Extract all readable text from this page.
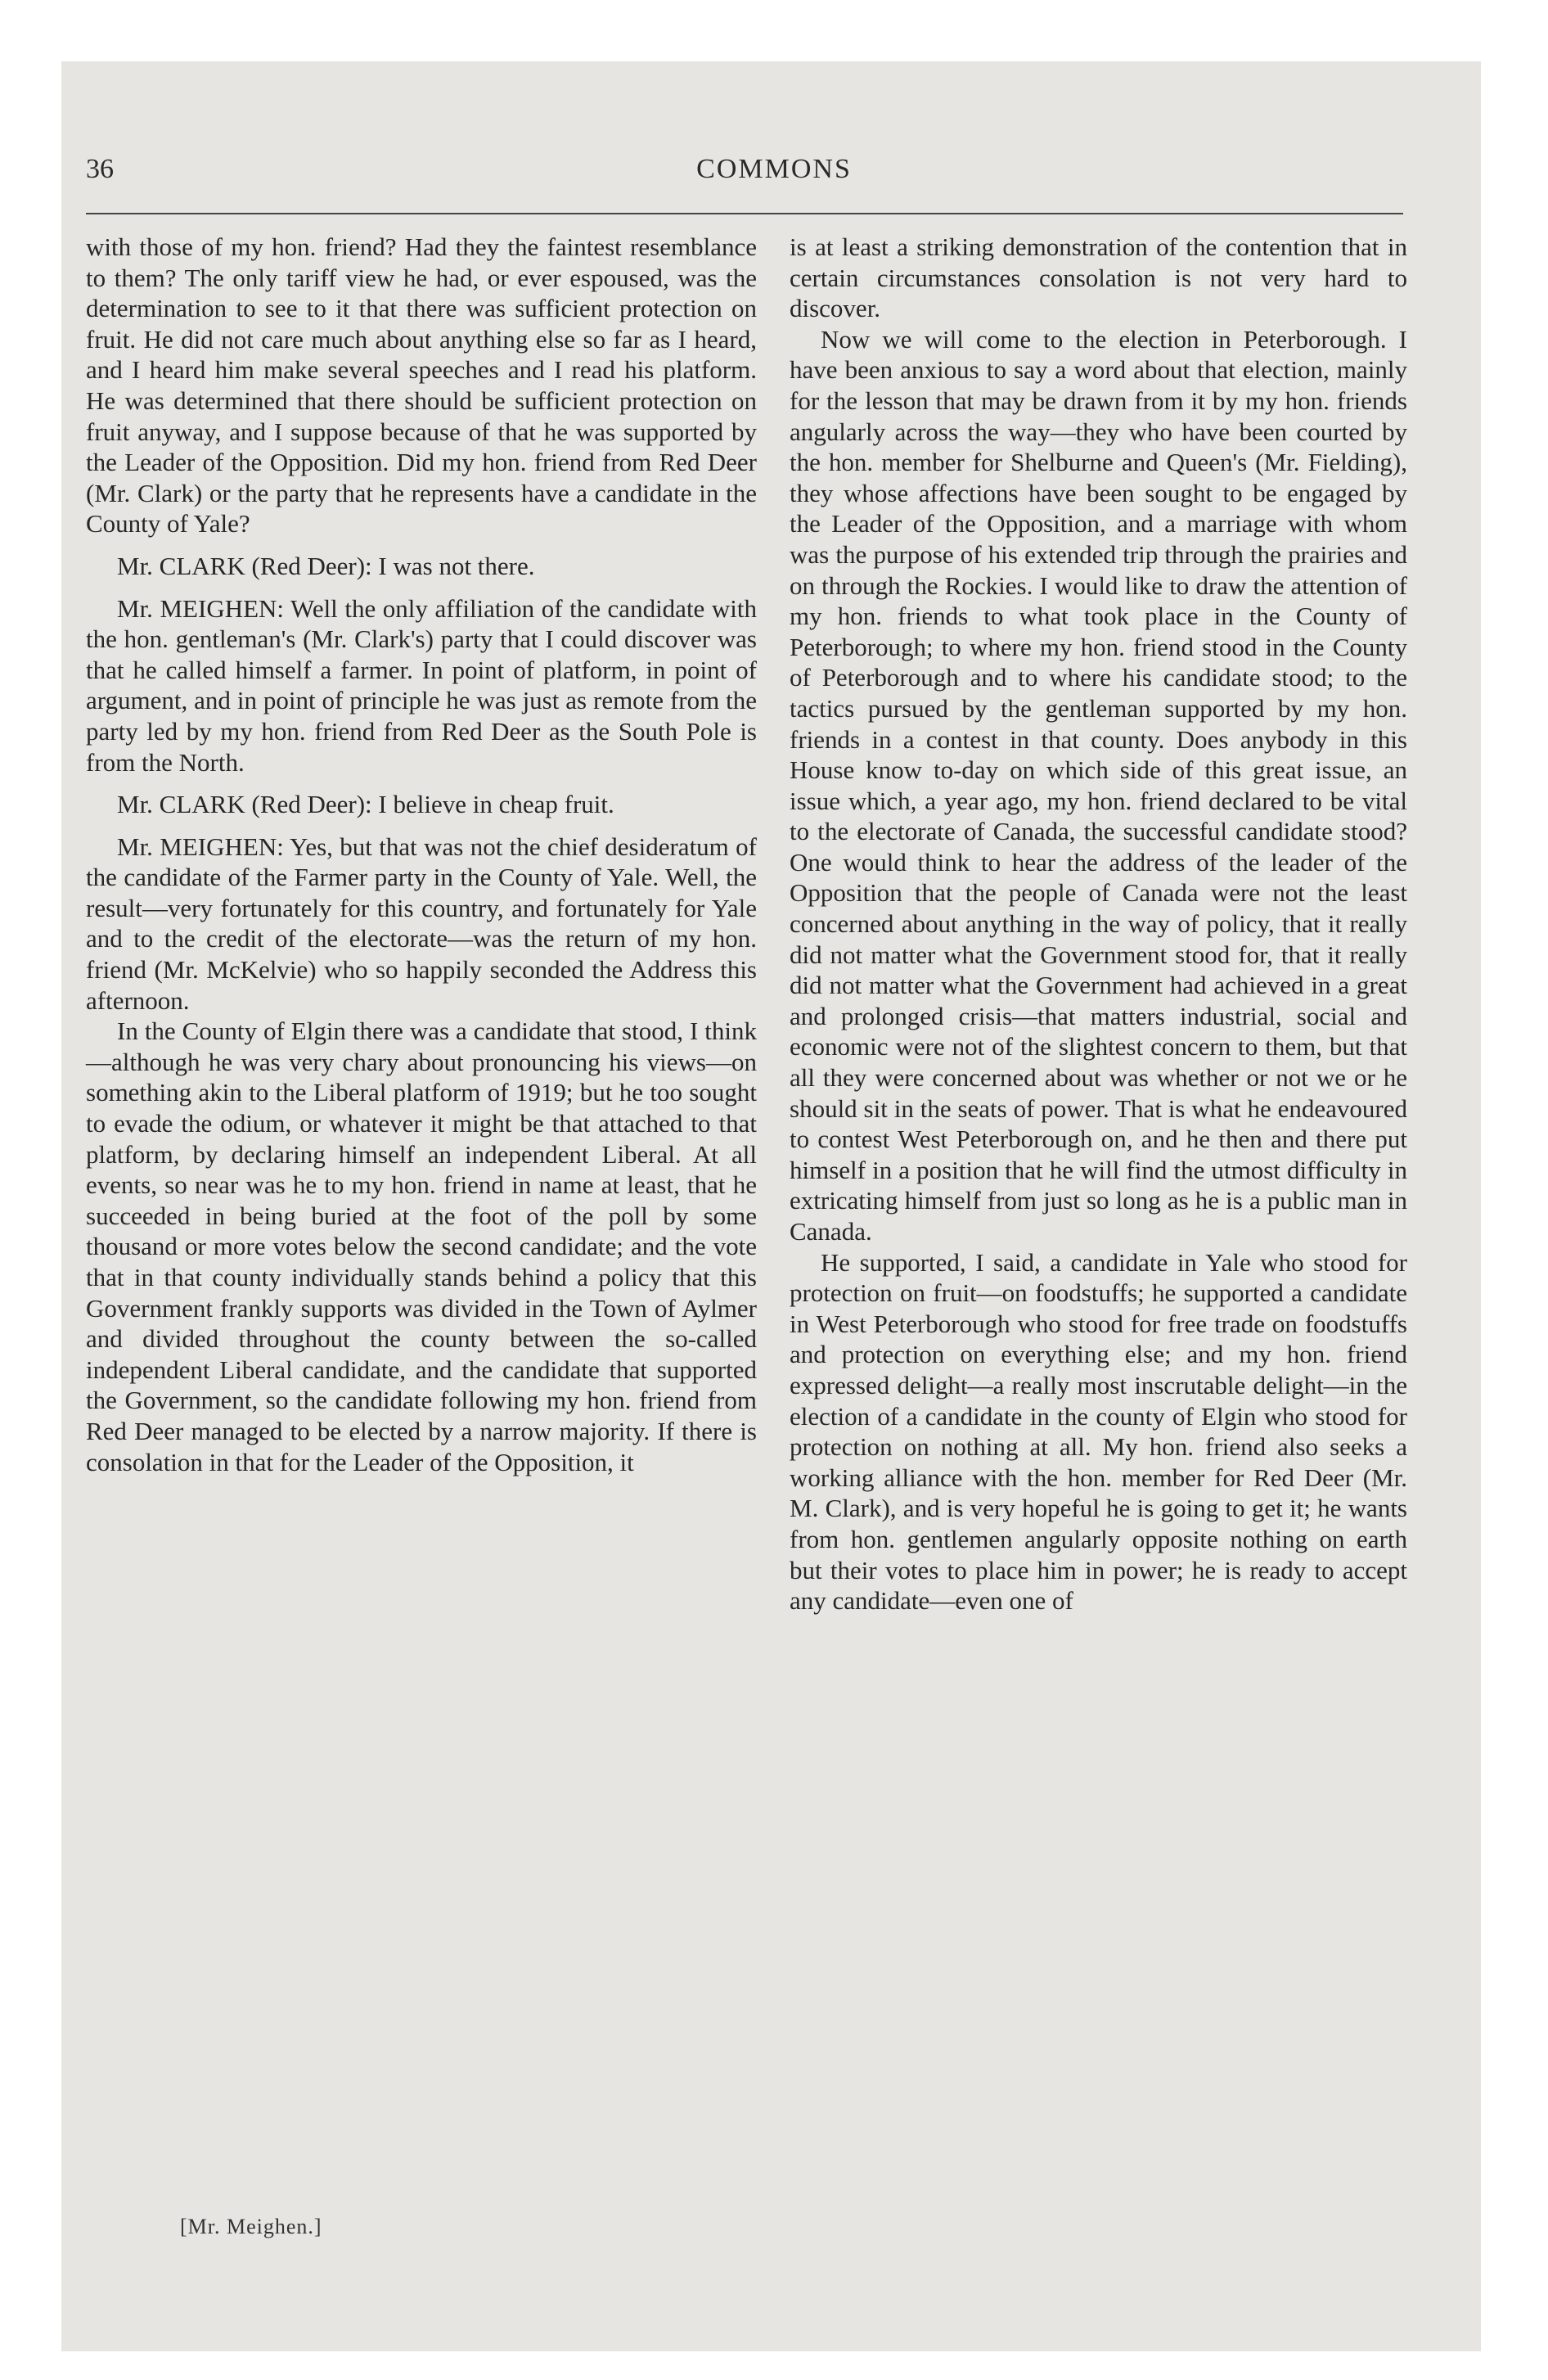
36	COMMONS

with those of my hon. friend? Had they the faintest resemblance to them? The only tariff view he had, or ever espoused, was the determination to see to it that there was sufficient protection on fruit. He did not care much about anything else so far as I heard, and I heard him make several speeches and I read his platform. He was determined that there should be sufficient protection on fruit anyway, and I suppose because of that he was supported by the Leader of the Opposition. Did my hon. friend from Red Deer (Mr. Clark) or the party that he represents have a candidate in the County of Yale?

Mr. CLARK (Red Deer): I was not there.

Mr. MEIGHEN: Well the only affiliation of the candidate with the hon. gentleman's (Mr. Clark's) party that I could discover was that he called himself a farmer. In point of platform, in point of argument, and in point of principle he was just as remote from the party led by my hon. friend from Red Deer as the South Pole is from the North.

Mr. CLARK (Red Deer): I believe in cheap fruit.

Mr. MEIGHEN: Yes, but that was not the chief desideratum of the candidate of the Farmer party in the County of Yale. Well, the result—very fortunately for this country, and fortunately for Yale and to the credit of the electorate—was the return of my hon. friend (Mr. McKelvie) who so happily seconded the Address this afternoon.

In the County of Elgin there was a candidate that stood, I think—although he was very chary about pronouncing his views—on something akin to the Liberal platform of 1919; but he too sought to evade the odium, or whatever it might be that attached to that platform, by declaring himself an independent Liberal. At all events, so near was he to my hon. friend in name at least, that he succeeded in being buried at the foot of the poll by some thousand or more votes below the second candidate; and the vote that in that county individually stands behind a policy that this Government frankly supports was divided in the Town of Aylmer and divided throughout the county between the so-called independent Liberal candidate, and the candidate that supported the Government, so the candidate following my hon. friend from Red Deer managed to be elected by a narrow majority. If there is consolation in that for the Leader of the Opposition, it

is at least a striking demonstration of the contention that in certain circumstances consolation is not very hard to discover.

Now we will come to the election in Peterborough. I have been anxious to say a word about that election, mainly for the lesson that may be drawn from it by my hon. friends angularly across the way—they who have been courted by the hon. member for Shelburne and Queen's (Mr. Fielding), they whose affections have been sought to be engaged by the Leader of the Opposition, and a marriage with whom was the purpose of his extended trip through the prairies and on through the Rockies. I would like to draw the attention of my hon. friends to what took place in the County of Peterborough; to where my hon. friend stood in the County of Peterborough and to where his candidate stood; to the tactics pursued by the gentleman supported by my hon. friends in a contest in that county. Does anybody in this House know to-day on which side of this great issue, an issue which, a year ago, my hon. friend declared to be vital to the electorate of Canada, the successful candidate stood? One would think to hear the address of the leader of the Opposition that the people of Canada were not the least concerned about anything in the way of policy, that it really did not matter what the Government stood for, that it really did not matter what the Government had achieved in a great and prolonged crisis—that matters industrial, social and economic were not of the slightest concern to them, but that all they were concerned about was whether or not we or he should sit in the seats of power. That is what he endeavoured to contest West Peterborough on, and he then and there put himself in a position that he will find the utmost difficulty in extricating himself from just so long as he is a public man in Canada.

He supported, I said, a candidate in Yale who stood for protection on fruit—on foodstuffs; he supported a candidate in West Peterborough who stood for free trade on foodstuffs and protection on everything else; and my hon. friend expressed delight—a really most inscrutable delight—in the election of a candidate in the county of Elgin who stood for protection on nothing at all. My hon. friend also seeks a working alliance with the hon. member for Red Deer (Mr. M. Clark), and is very hopeful he is going to get it; he wants from hon. gentlemen angularly opposite nothing on earth but their votes to place him in power; he is ready to accept any candidate—even one of

[Mr. Meighen.]
